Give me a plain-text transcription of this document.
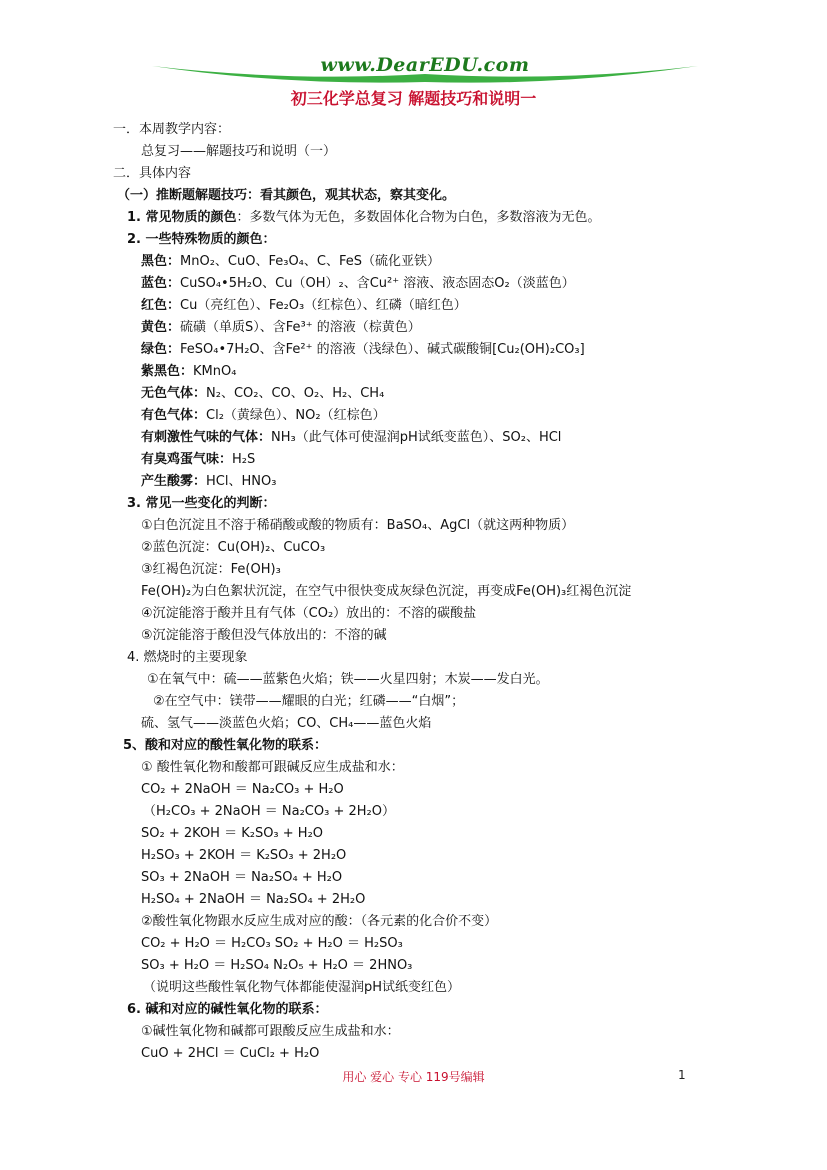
www.DearEDU.com
初三化学总复习 解题技巧和说明一
一．本周教学内容：
总复习——解题技巧和说明（一）
二．具体内容
（一）推断题解题技巧：看其颜色，观其状态，察其变化。
1. 常见物质的颜色：多数气体为无色，多数固体化合物为白色，多数溶液为无色。
2. 一些特殊物质的颜色：
黑色：MnO₂、CuO、Fe₃O₄、C、FeS（硫化亚铁）
蓝色：CuSO₄•5H₂O、Cu（OH）₂、含Cu²⁺ 溶液、液态固态O₂（淡蓝色）
红色：Cu（亮红色）、Fe₂O₃（红棕色）、红磷（暗红色）
黄色：硫磺（单质S）、含Fe³⁺ 的溶液（棕黄色）
绿色：FeSO₄•7H₂O、含Fe²⁺ 的溶液（浅绿色）、碱式碳酸铜[Cu₂(OH)₂CO₃]
紫黑色：KMnO₄
无色气体：N₂、CO₂、CO、O₂、H₂、CH₄
有色气体：Cl₂（黄绿色）、NO₂（红棕色）
有刺激性气味的气体：NH₃（此气体可使湿润pH试纸变蓝色）、SO₂、HCl
有臭鸡蛋气味：H₂S
产生酸雾：HCl、HNO₃
3. 常见一些变化的判断：
①白色沉淀且不溶于稀硝酸或酸的物质有：BaSO₄、AgCl（就这两种物质）
②蓝色沉淀：Cu(OH)₂、CuCO₃
③红褐色沉淀：Fe(OH)₃
Fe(OH)₂为白色絮状沉淀，在空气中很快变成灰绿色沉淀，再变成Fe(OH)₃红褐色沉淀
④沉淀能溶于酸并且有气体（CO₂）放出的：不溶的碳酸盐
⑤沉淀能溶于酸但没气体放出的：不溶的碱
4. 燃烧时的主要现象
①在氧气中：硫——蓝紫色火焰；铁——火星四射；木炭——发白光。
②在空气中：镁带——耀眼的白光；红磷——“白烟”；
硫、氢气——淡蓝色火焰；CO、CH₄——蓝色火焰
5、酸和对应的酸性氧化物的联系：
① 酸性氧化物和酸都可跟碱反应生成盐和水：
CO₂ + 2NaOH ＝ Na₂CO₃ + H₂O
（H₂CO₃ + 2NaOH ＝ Na₂CO₃ + 2H₂O）
SO₂ + 2KOH ＝ K₂SO₃ + H₂O
H₂SO₃ + 2KOH ＝ K₂SO₃ + 2H₂O
SO₃ + 2NaOH ＝ Na₂SO₄ + H₂O
H₂SO₄ + 2NaOH ＝ Na₂SO₄ + 2H₂O
②酸性氧化物跟水反应生成对应的酸：（各元素的化合价不变）
CO₂ + H₂O ＝ H₂CO₃ SO₂ + H₂O ＝ H₂SO₃
SO₃ + H₂O ＝ H₂SO₄ N₂O₅ + H₂O ＝ 2HNO₃
（说明这些酸性氧化物气体都能使湿润pH试纸变红色）
6. 碱和对应的碱性氧化物的联系：
①碱性氧化物和碱都可跟酸反应生成盐和水：
CuO + 2HCl ＝ CuCl₂ + H₂O
用心 爱心 专心 119号编辑	1
